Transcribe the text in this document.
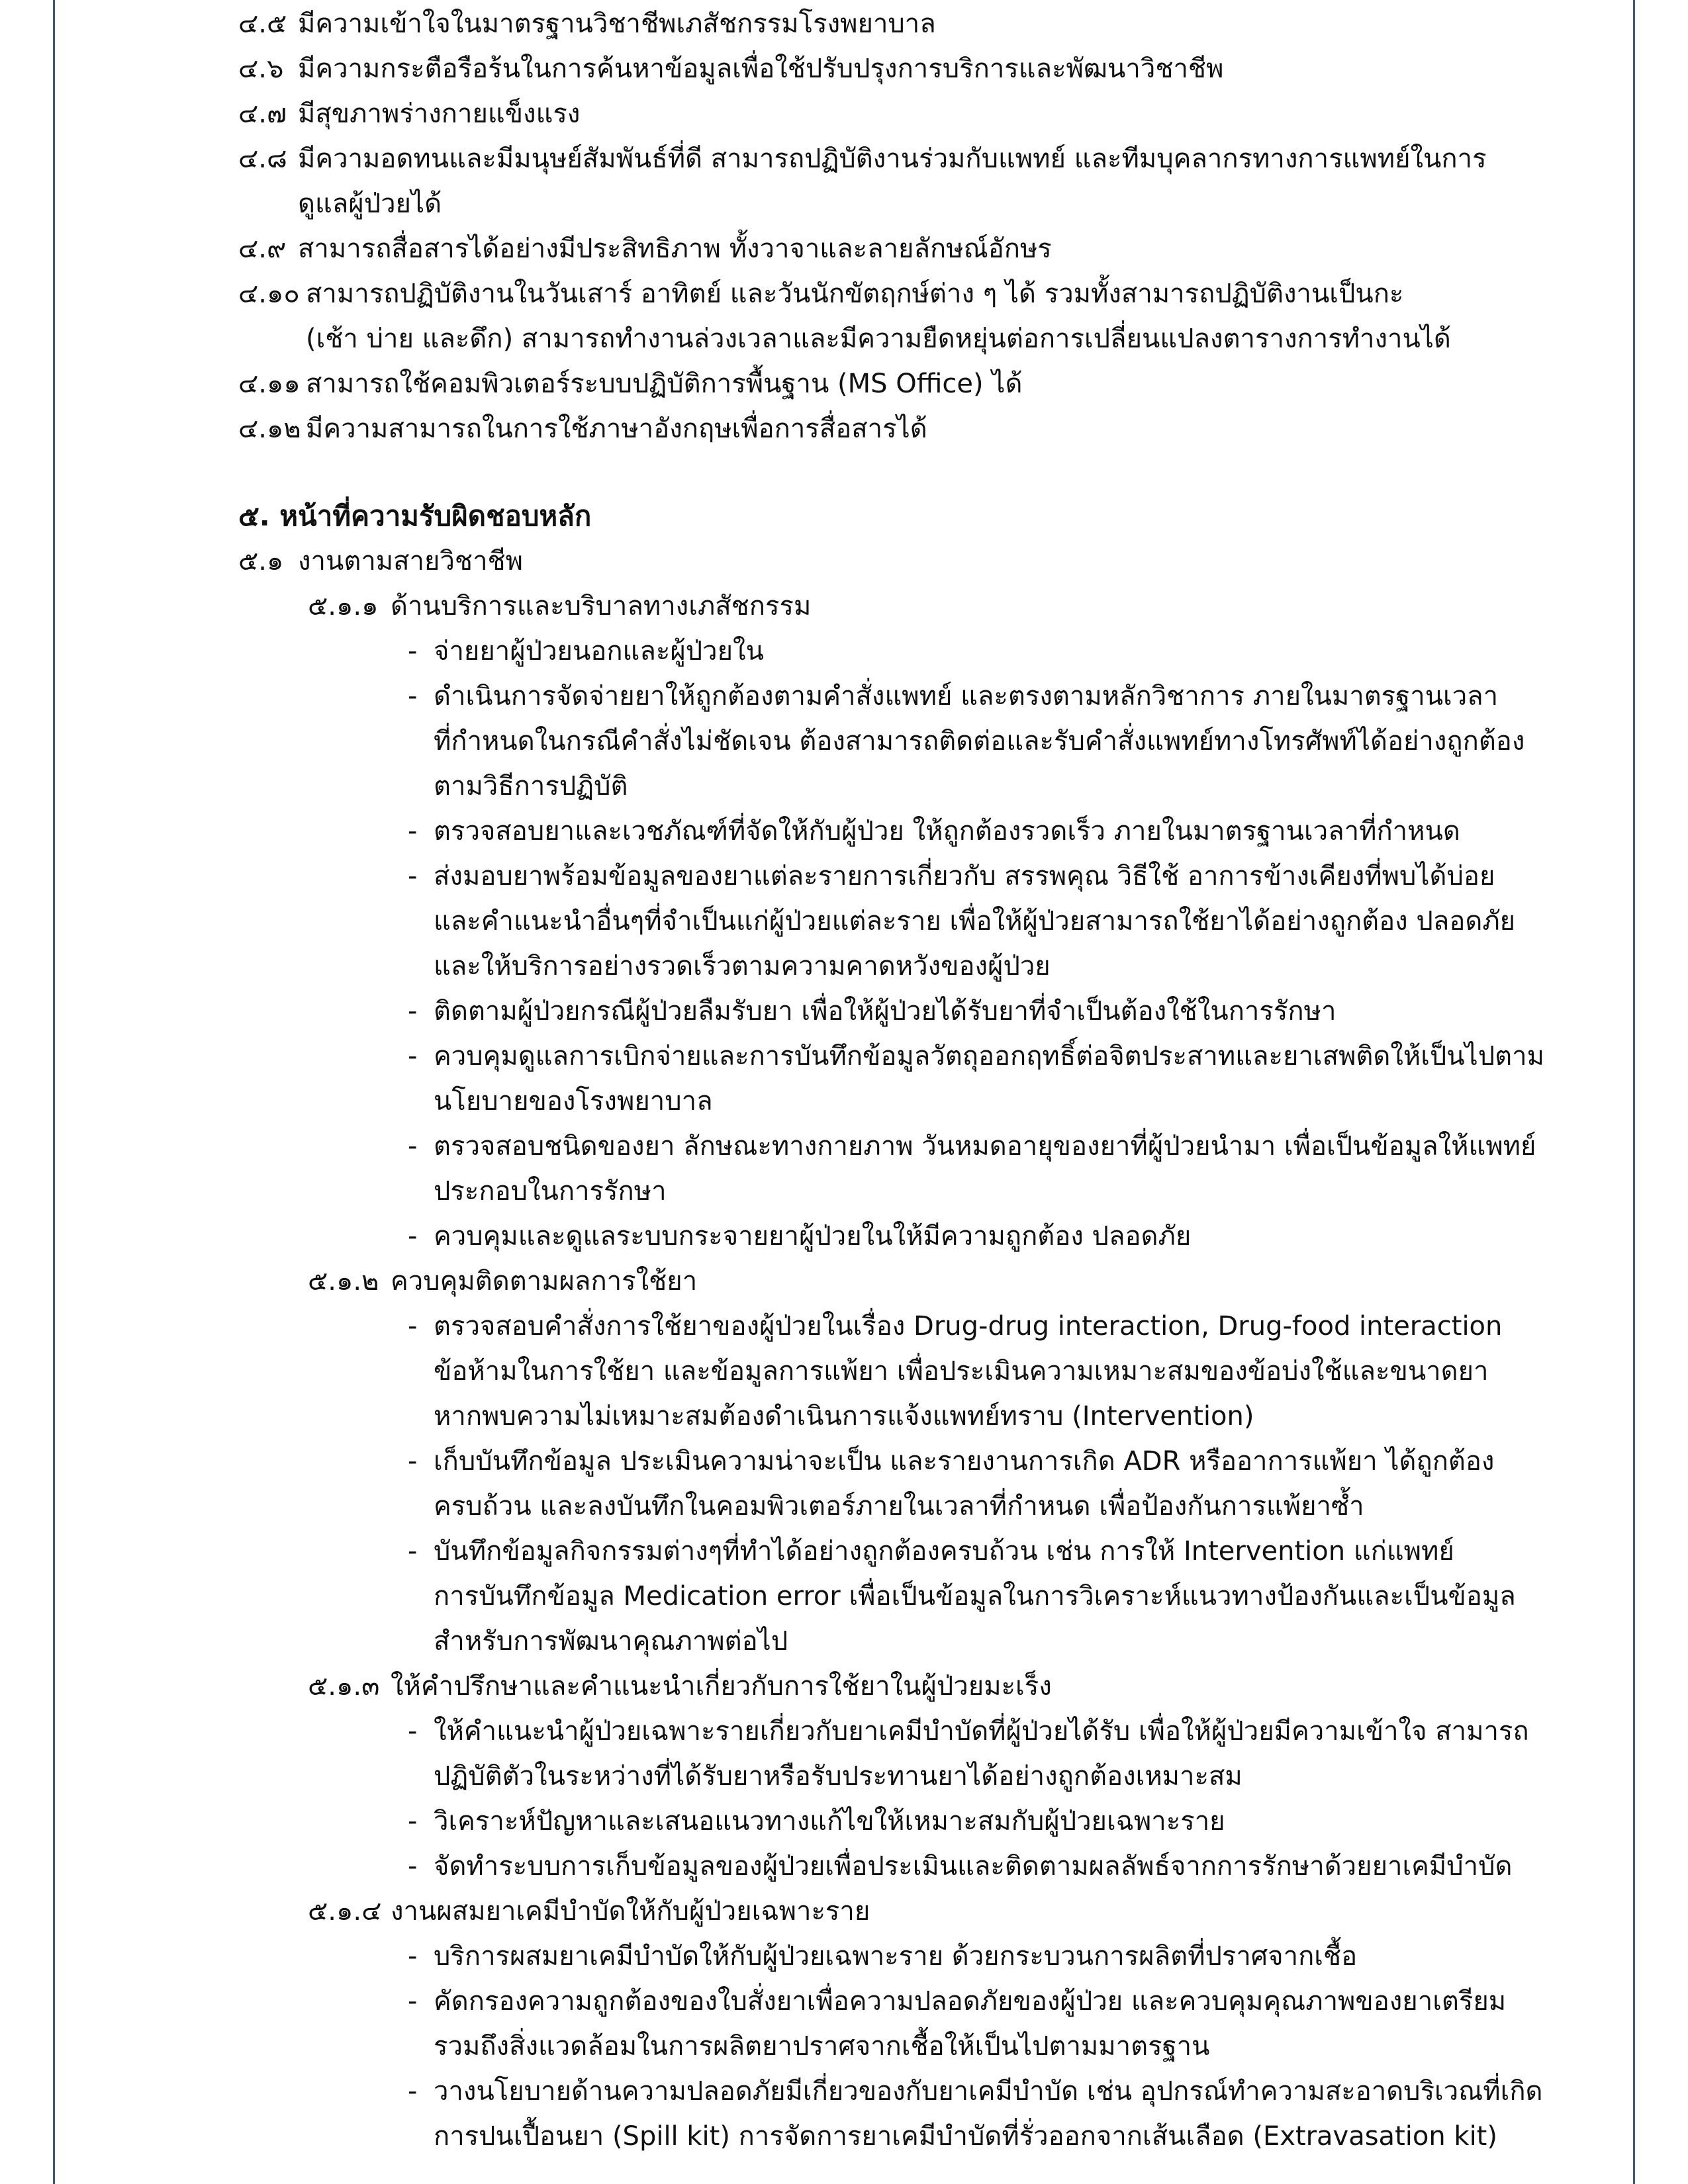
๔.๕ มีความเข้าใจในมาตรฐานวิชาชีพเภสัชกรรมโรงพยาบาล
๔.๖ มีความกระตือรือร้นในการค้นหาข้อมูลเพื่อใช้ปรับปรุงการบริการและพัฒนาวิชาชีพ
๔.๗ มีสุขภาพร่างกายแข็งแรง
๔.๘ มีความอดทนและมีมนุษย์สัมพันธ์ที่ดี สามารถปฏิบัติงานร่วมกับแพทย์ และทีมบุคลากรทางการแพทย์ในการ
ดูแลผู้ป่วยได้
๔.๙ สามารถสื่อสารได้อย่างมีประสิทธิภาพ ทั้งวาจาและลายลักษณ์อักษร
๔.๑๐ สามารถปฏิบัติงานในวันเสาร์ อาทิตย์ และวันนักขัตฤกษ์ต่าง ๆ ได้ รวมทั้งสามารถปฏิบัติงานเป็นกะ
(เช้า บ่าย และดึก) สามารถทำงานล่วงเวลาและมีความยืดหยุ่นต่อการเปลี่ยนแปลงตารางการทำงานได้
๔.๑๑ สามารถใช้คอมพิวเตอร์ระบบปฏิบัติการพื้นฐาน (MS Office) ได้
๔.๑๒ มีความสามารถในการใช้ภาษาอังกฤษเพื่อการสื่อสารได้
๕. หน้าที่ความรับผิดชอบหลัก
๕.๑ งานตามสายวิชาชีพ
๕.๑.๑ ด้านบริการและบริบาลทางเภสัชกรรม
- จ่ายยาผู้ป่วยนอกและผู้ป่วยใน
- ดำเนินการจัดจ่ายยาให้ถูกต้องตามคำสั่งแพทย์ และตรงตามหลักวิชาการ ภายในมาตรฐานเวลา
ที่กำหนดในกรณีคำสั่งไม่ชัดเจน ต้องสามารถติดต่อและรับคำสั่งแพทย์ทางโทรศัพท์ได้อย่างถูกต้อง
ตามวิธีการปฏิบัติ
- ตรวจสอบยาและเวชภัณฑ์ที่จัดให้กับผู้ป่วย ให้ถูกต้องรวดเร็ว ภายในมาตรฐานเวลาที่กำหนด
- ส่งมอบยาพร้อมข้อมูลของยาแต่ละรายการเกี่ยวกับ สรรพคุณ วิธีใช้ อาการข้างเคียงที่พบได้บ่อย
และคำแนะนำอื่นๆที่จำเป็นแก่ผู้ป่วยแต่ละราย เพื่อให้ผู้ป่วยสามารถใช้ยาได้อย่างถูกต้อง ปลอดภัย
และให้บริการอย่างรวดเร็วตามความคาดหวังของผู้ป่วย
- ติดตามผู้ป่วยกรณีผู้ป่วยลืมรับยา เพื่อให้ผู้ป่วยได้รับยาที่จำเป็นต้องใช้ในการรักษา
- ควบคุมดูแลการเบิกจ่ายและการบันทึกข้อมูลวัตถุออกฤทธิ์ต่อจิตประสาทและยาเสพติดให้เป็นไปตาม
นโยบายของโรงพยาบาล
- ตรวจสอบชนิดของยา ลักษณะทางกายภาพ วันหมดอายุของยาที่ผู้ป่วยนำมา เพื่อเป็นข้อมูลให้แพทย์
ประกอบในการรักษา
- ควบคุมและดูแลระบบกระจายยาผู้ป่วยในให้มีความถูกต้อง ปลอดภัย
๕.๑.๒ ควบคุมติดตามผลการใช้ยา
- ตรวจสอบคำสั่งการใช้ยาของผู้ป่วยในเรื่อง Drug-drug interaction, Drug-food interaction
ข้อห้ามในการใช้ยา และข้อมูลการแพ้ยา เพื่อประเมินความเหมาะสมของข้อบ่งใช้และขนาดยา
หากพบความไม่เหมาะสมต้องดำเนินการแจ้งแพทย์ทราบ (Intervention)
- เก็บบันทึกข้อมูล ประเมินความน่าจะเป็น และรายงานการเกิด ADR หรืออาการแพ้ยา ได้ถูกต้อง
ครบถ้วน และลงบันทึกในคอมพิวเตอร์ภายในเวลาที่กำหนด เพื่อป้องกันการแพ้ยาซ้ำ
- บันทึกข้อมูลกิจกรรมต่างๆที่ทำได้อย่างถูกต้องครบถ้วน เช่น การให้ Intervention แก่แพทย์
การบันทึกข้อมูล Medication error เพื่อเป็นข้อมูลในการวิเคราะห์แนวทางป้องกันและเป็นข้อมูล
สำหรับการพัฒนาคุณภาพต่อไป
๕.๑.๓ ให้คำปรึกษาและคำแนะนำเกี่ยวกับการใช้ยาในผู้ป่วยมะเร็ง
- ให้คำแนะนำผู้ป่วยเฉพาะรายเกี่ยวกับยาเคมีบำบัดที่ผู้ป่วยได้รับ เพื่อให้ผู้ป่วยมีความเข้าใจ สามารถ
ปฏิบัติตัวในระหว่างที่ได้รับยาหรือรับประทานยาได้อย่างถูกต้องเหมาะสม
- วิเคราะห์ปัญหาและเสนอแนวทางแก้ไขให้เหมาะสมกับผู้ป่วยเฉพาะราย
- จัดทำระบบการเก็บข้อมูลของผู้ป่วยเพื่อประเมินและติดตามผลลัพธ์จากการรักษาด้วยยาเคมีบำบัด
๕.๑.๔ งานผสมยาเคมีบำบัดให้กับผู้ป่วยเฉพาะราย
- บริการผสมยาเคมีบำบัดให้กับผู้ป่วยเฉพาะราย ด้วยกระบวนการผลิตที่ปราศจากเชื้อ
- คัดกรองความถูกต้องของใบสั่งยาเพื่อความปลอดภัยของผู้ป่วย และควบคุมคุณภาพของยาเตรียม
รวมถึงสิ่งแวดล้อมในการผลิตยาปราศจากเชื้อให้เป็นไปตามมาตรฐาน
- วางนโยบายด้านความปลอดภัยมีเกี่ยวของกับยาเคมีบำบัด เช่น อุปกรณ์ทำความสะอาดบริเวณที่เกิด
การปนเปื้อนยา (Spill kit) การจัดการยาเคมีบำบัดที่รั่วออกจากเส้นเลือด (Extravasation kit)
